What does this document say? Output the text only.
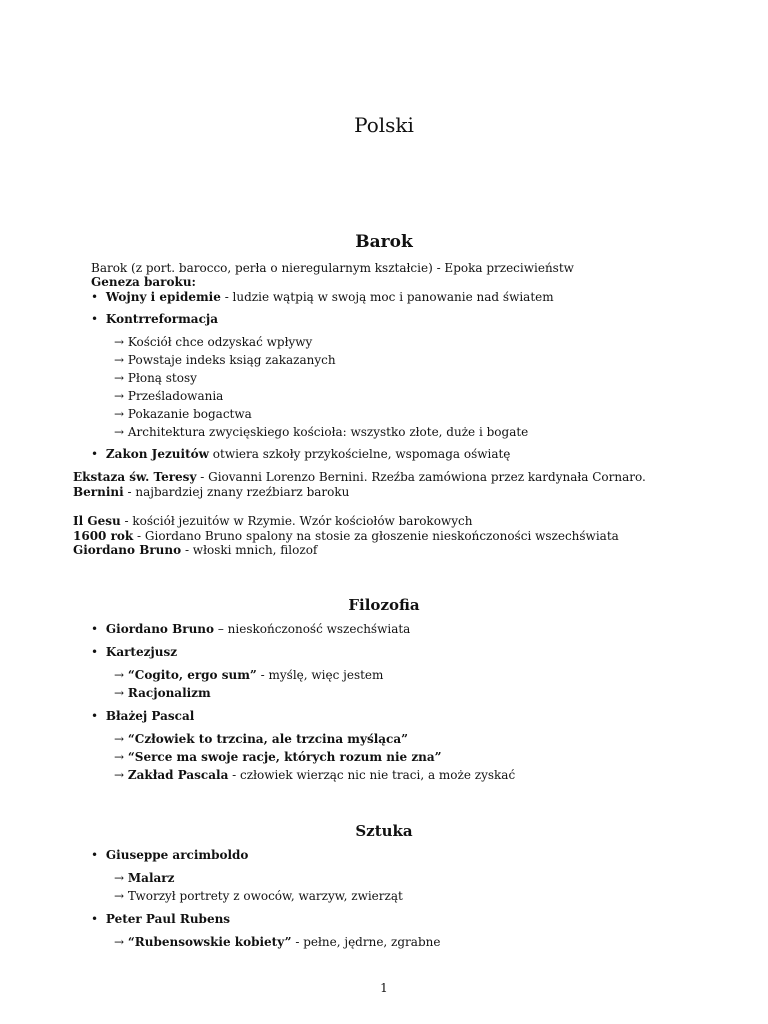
Polski
Barok
Barok (z port. barocco, perła o nieregularnym kształcie) - Epoka przeciwieństw
Geneza baroku:
• Wojny i epidemie - ludzie wątpią w swoją moc i panowanie nad światem
• Kontrreformacja
→ Kościół chce odzyskać wpływy
→ Powstaje indeks ksiąg zakazanych
→ Płoną stosy
→ Prześladowania
→ Pokazanie bogactwa
→ Architektura zwycięskiego kościoła: wszystko złote, duże i bogate
• Zakon Jezuitów otwiera szkoły przykościelne, wspomaga oświatę
Ekstaza św. Teresy - Giovanni Lorenzo Bernini. Rzeźba zamówiona przez kardynała Cornaro.
Bernini - najbardziej znany rzeźbiarz baroku
Il Gesu - kościół jezuitów w Rzymie. Wzór kościołów barokowych
1600 rok - Giordano Bruno spalony na stosie za głoszenie nieskończoności wszechświata
Giordano Bruno - włoski mnich, filozof
Filozofia
• Giordano Bruno – nieskończoność wszechświata
• Kartezjusz
→ “Cogito, ergo sum” - myślę, więc jestem
→ Racjonalizm
• Błażej Pascal
→ “Człowiek to trzcina, ale trzcina myśląca”
→ “Serce ma swoje racje, których rozum nie zna”
→ Zakład Pascala - człowiek wierząc nic nie traci, a może zyskać
Sztuka
• Giuseppe arcimboldo
→ Malarz
→ Tworzył portrety z owoców, warzyw, zwierząt
• Peter Paul Rubens
→ “Rubensowskie kobiety” - pełne, jędrne, zgrabne
1
